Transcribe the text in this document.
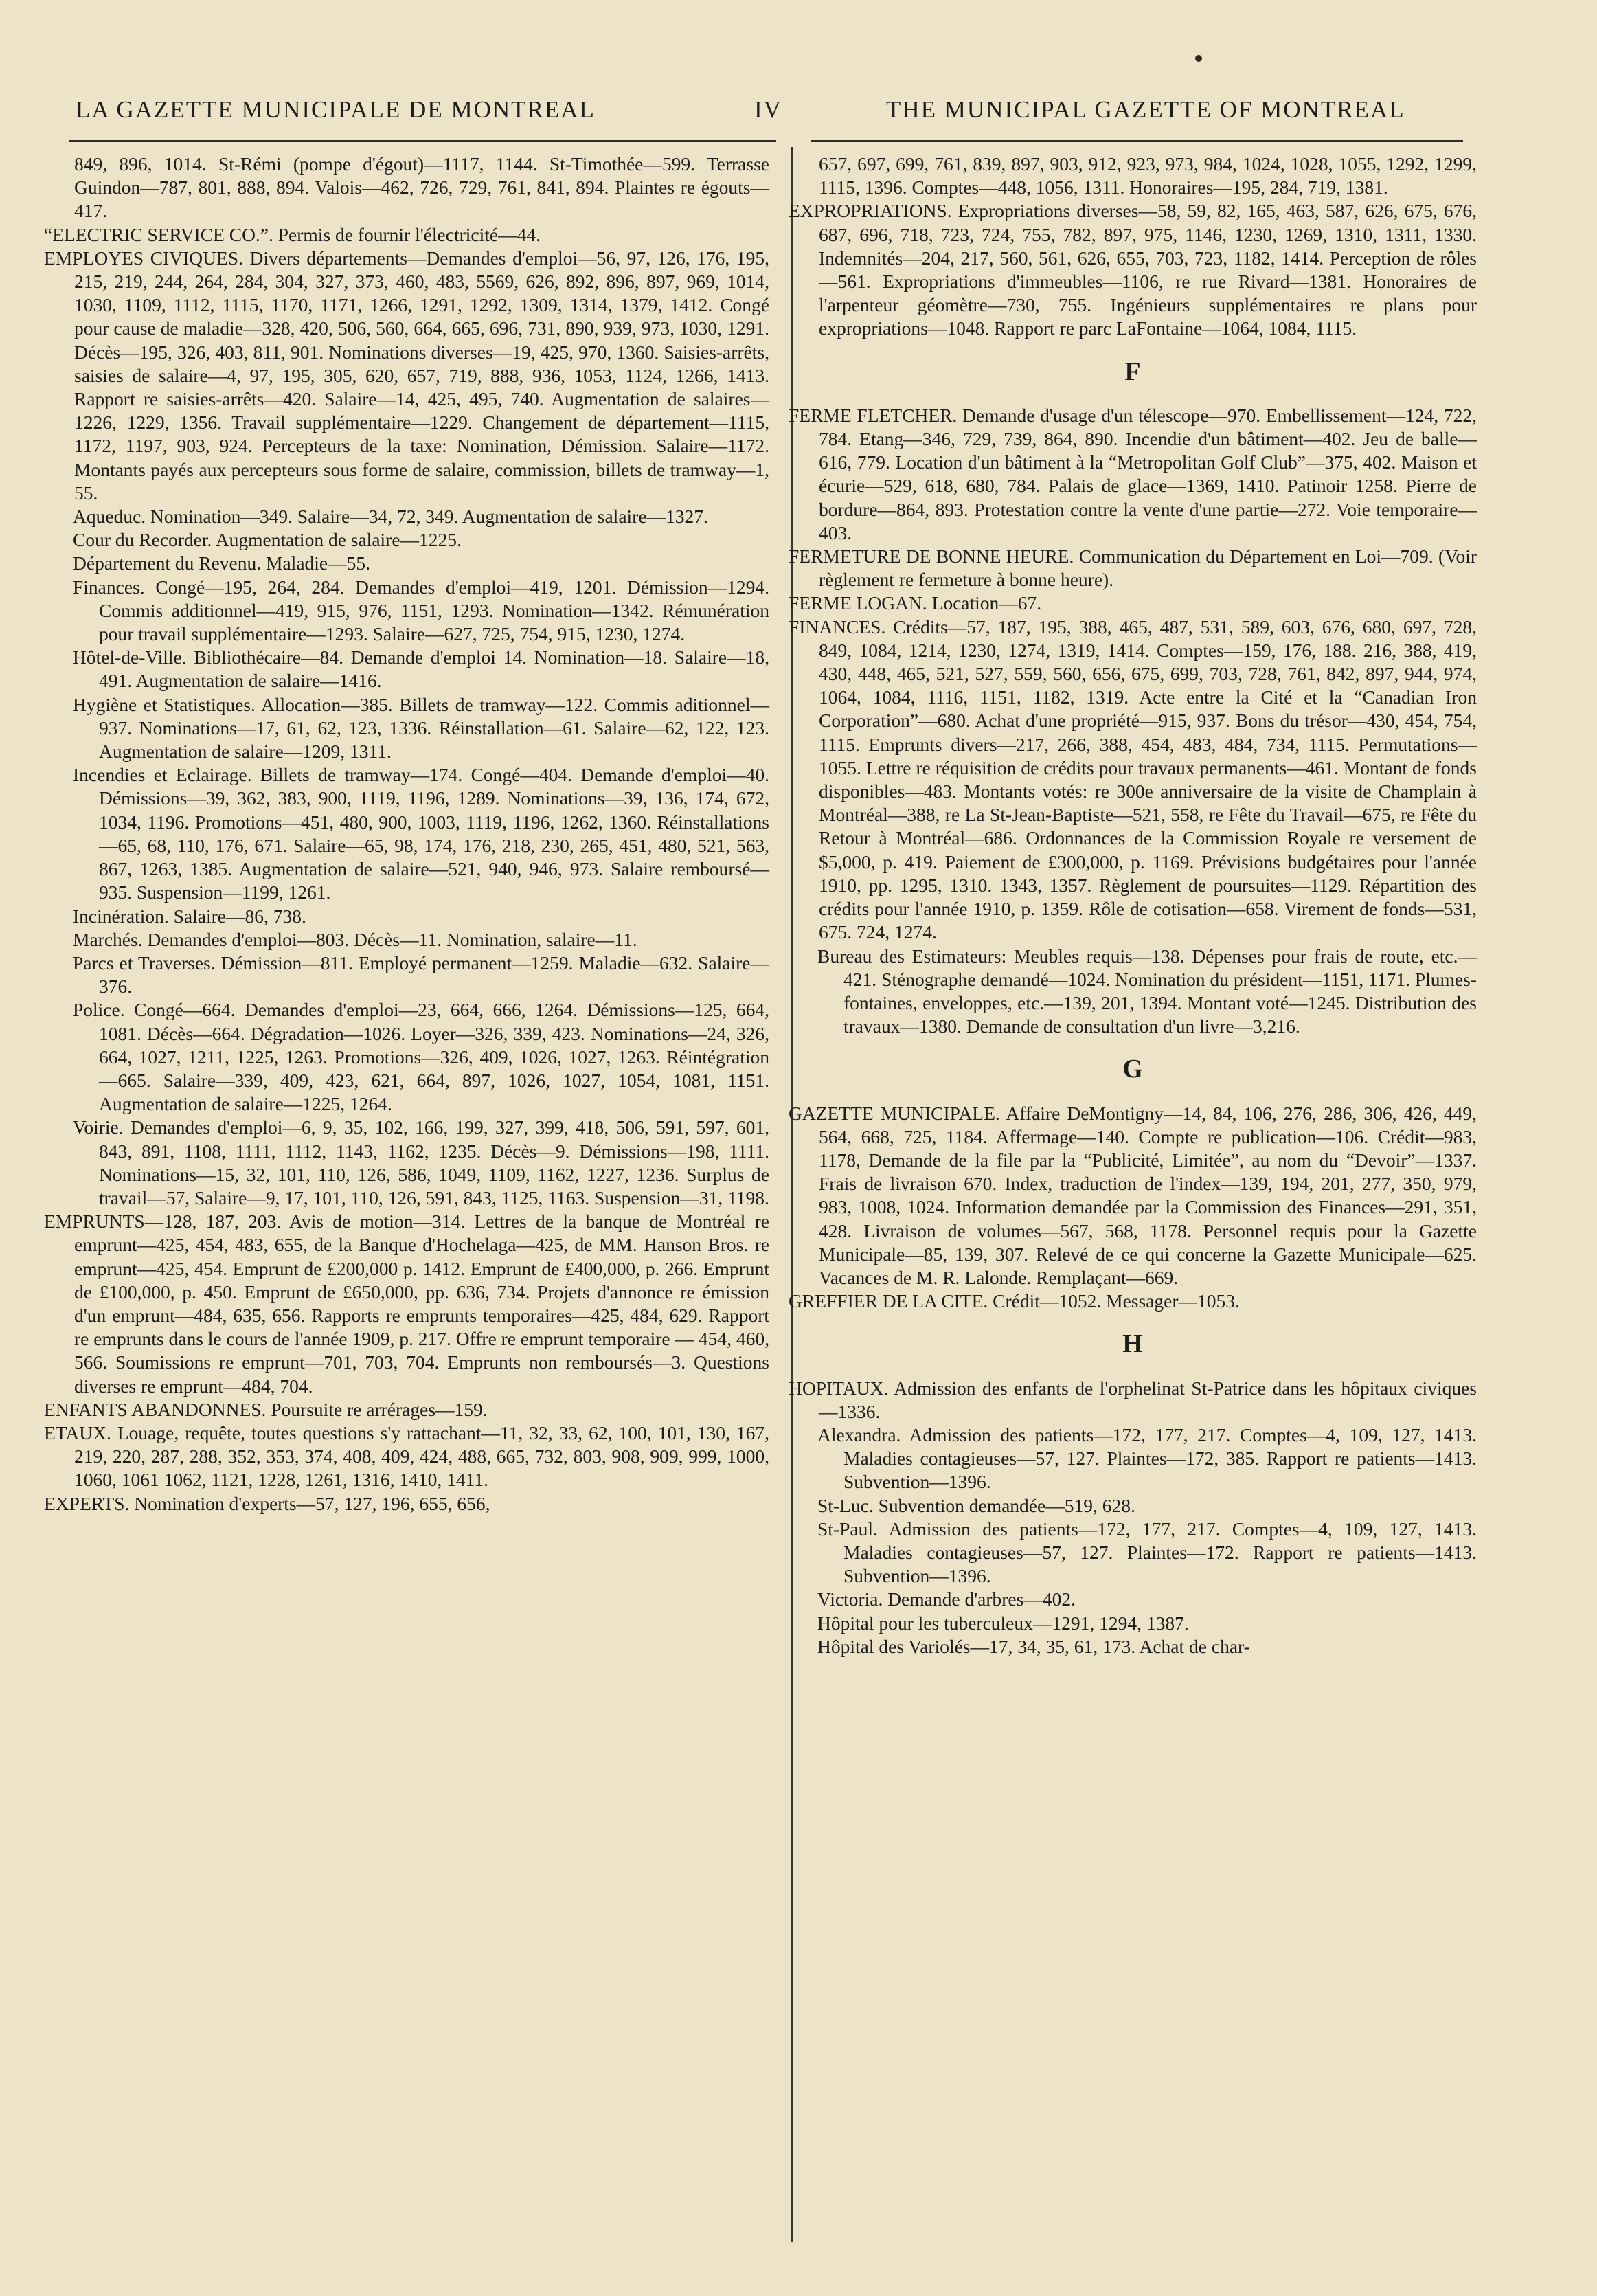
LA GAZETTE MUNICIPALE DE MONTREAL	IV	THE MUNICIPAL GAZETTE OF MONTREAL

849, 896, 1014. St-Rémi (pompe d'égout)—1117, 1144. St-Timothée—599. Terrasse Guindon—787, 801, 888, 894. Valois—462, 726, 729, 761, 841, 894. Plaintes re égouts—417.

“ELECTRIC SERVICE CO.”. Permis de fournir l'électricité—44.

EMPLOYES CIVIQUES. Divers départements—Demandes d'emploi—56, 97, 126, 176, 195, 215, 219, 244, 264, 284, 304, 327, 373, 460, 483, 5569, 626, 892, 896, 897, 969, 1014, 1030, 1109, 1112, 1115, 1170, 1171, 1266, 1291, 1292, 1309, 1314, 1379, 1412. Congé pour cause de maladie—328, 420, 506, 560, 664, 665, 696, 731, 890, 939, 973, 1030, 1291. Décès—195, 326, 403, 811, 901. Nominations diverses—19, 425, 970, 1360. Saisies-arrêts, saisies de salaire—4, 97, 195, 305, 620, 657, 719, 888, 936, 1053, 1124, 1266, 1413. Rapport re saisies-arrêts—420. Salaire—14, 425, 495, 740. Augmentation de salaires—1226, 1229, 1356. Travail supplémentaire—1229. Changement de département—1115, 1172, 1197, 903, 924. Percepteurs de la taxe: Nomination, Démission. Salaire—1172. Montants payés aux percepteurs sous forme de salaire, commission, billets de tramway—1, 55.

Aqueduc. Nomination—349. Salaire—34, 72, 349. Augmentation de salaire—1327.

Cour du Recorder. Augmentation de salaire—1225.

Département du Revenu. Maladie—55.

Finances. Congé—195, 264, 284. Demandes d'emploi—419, 1201. Démission—1294. Commis additionnel—419, 915, 976, 1151, 1293. Nomination—1342. Rémunération pour travail supplémentaire—1293. Salaire—627, 725, 754, 915, 1230, 1274.

Hôtel-de-Ville. Bibliothécaire—84. Demande d'emploi 14. Nomination—18. Salaire—18, 491. Augmentation de salaire—1416.

Hygiène et Statistiques. Allocation—385. Billets de tramway—122. Commis aditionnel—937. Nominations—17, 61, 62, 123, 1336. Réinstallation—61. Salaire—62, 122, 123. Augmentation de salaire—1209, 1311.

Incendies et Eclairage. Billets de tramway—174. Congé—404. Demande d'emploi—40. Démissions—39, 362, 383, 900, 1119, 1196, 1289. Nominations—39, 136, 174, 672, 1034, 1196. Promotions—451, 480, 900, 1003, 1119, 1196, 1262, 1360. Réinstallations—65, 68, 110, 176, 671. Salaire—65, 98, 174, 176, 218, 230, 265, 451, 480, 521, 563, 867, 1263, 1385. Augmentation de salaire—521, 940, 946, 973. Salaire remboursé—935. Suspension—1199, 1261.

Incinération. Salaire—86, 738.

Marchés. Demandes d'emploi—803. Décès—11. Nomination, salaire—11.

Parcs et Traverses. Démission—811. Employé permanent—1259. Maladie—632. Salaire—376.

Police. Congé—664. Demandes d'emploi—23, 664, 666, 1264. Démissions—125, 664, 1081. Décès—664. Dégradation—1026. Loyer—326, 339, 423. Nominations—24, 326, 664, 1027, 1211, 1225, 1263. Promotions—326, 409, 1026, 1027, 1263. Réintégration—665. Salaire—339, 409, 423, 621, 664, 897, 1026, 1027, 1054, 1081, 1151. Augmentation de salaire—1225, 1264.

Voirie. Demandes d'emploi—6, 9, 35, 102, 166, 199, 327, 399, 418, 506, 591, 597, 601, 843, 891, 1108, 1111, 1112, 1143, 1162, 1235. Décès—9. Démissions—198, 1111. Nominations—15, 32, 101, 110, 126, 586, 1049, 1109, 1162, 1227, 1236. Surplus de travail—57, Salaire—9, 17, 101, 110, 126, 591, 843, 1125, 1163. Suspension—31, 1198.

EMPRUNTS—128, 187, 203. Avis de motion—314. Lettres de la banque de Montréal re emprunt—425, 454, 483, 655, de la Banque d'Hochelaga—425, de MM. Hanson Bros. re emprunt—425, 454. Emprunt de £200,000 p. 1412. Emprunt de £400,000, p. 266. Emprunt de £100,000, p. 450. Emprunt de £650,000, pp. 636, 734. Projets d'annonce re émission d'un emprunt—484, 635, 656. Rapports re emprunts temporaires—425, 484, 629. Rapport re emprunts dans le cours de l'année 1909, p. 217. Offre re emprunt temporaire — 454, 460, 566. Soumissions re emprunt—701, 703, 704. Emprunts non remboursés—3. Questions diverses re emprunt—484, 704.

ENFANTS ABANDONNES. Poursuite re arrérages—159.

ETAUX. Louage, requête, toutes questions s'y rattachant—11, 32, 33, 62, 100, 101, 130, 167, 219, 220, 287, 288, 352, 353, 374, 408, 409, 424, 488, 665, 732, 803, 908, 909, 999, 1000, 1060, 1061 1062, 1121, 1228, 1261, 1316, 1410, 1411.

EXPERTS. Nomination d'experts—57, 127, 196, 655, 656,

657, 697, 699, 761, 839, 897, 903, 912, 923, 973, 984, 1024, 1028, 1055, 1292, 1299, 1115, 1396. Comptes—448, 1056, 1311. Honoraires—195, 284, 719, 1381.

EXPROPRIATIONS. Expropriations diverses—58, 59, 82, 165, 463, 587, 626, 675, 676, 687, 696, 718, 723, 724, 755, 782, 897, 975, 1146, 1230, 1269, 1310, 1311, 1330. Indemnités—204, 217, 560, 561, 626, 655, 703, 723, 1182, 1414. Perception de rôles—561. Expropriations d'immeubles—1106, re rue Rivard—1381. Honoraires de l'arpenteur géomètre—730, 755. Ingénieurs supplémentaires re plans pour expropriations—1048. Rapport re parc LaFontaine—1064, 1084, 1115.

F

FERME FLETCHER. Demande d'usage d'un télescope—970. Embellissement—124, 722, 784. Etang—346, 729, 739, 864, 890. Incendie d'un bâtiment—402. Jeu de balle—616, 779. Location d'un bâtiment à la “Metropolitan Golf Club”—375, 402. Maison et écurie—529, 618, 680, 784. Palais de glace—1369, 1410. Patinoir 1258. Pierre de bordure—864, 893. Protestation contre la vente d'une partie—272. Voie temporaire—403.

FERMETURE DE BONNE HEURE. Communication du Département en Loi—709. (Voir règlement re fermeture à bonne heure).

FERME LOGAN. Location—67.

FINANCES. Crédits—57, 187, 195, 388, 465, 487, 531, 589, 603, 676, 680, 697, 728, 849, 1084, 1214, 1230, 1274, 1319, 1414. Comptes—159, 176, 188. 216, 388, 419, 430, 448, 465, 521, 527, 559, 560, 656, 675, 699, 703, 728, 761, 842, 897, 944, 974, 1064, 1084, 1116, 1151, 1182, 1319. Acte entre la Cité et la “Canadian Iron Corporation”—680. Achat d'une propriété—915, 937. Bons du trésor—430, 454, 754, 1115. Emprunts divers—217, 266, 388, 454, 483, 484, 734, 1115. Permutations—1055. Lettre re réquisition de crédits pour travaux permanents—461. Montant de fonds disponibles—483. Montants votés: re 300e anniversaire de la visite de Champlain à Montréal—388, re La St-Jean-Baptiste—521, 558, re Fête du Travail—675, re Fête du Retour à Montréal—686. Ordonnances de la Commission Royale re versement de $5,000, p. 419. Paiement de £300,000, p. 1169. Prévisions budgétaires pour l'année 1910, pp. 1295, 1310. 1343, 1357. Règlement de poursuites—1129. Répartition des crédits pour l'année 1910, p. 1359. Rôle de cotisation—658. Virement de fonds—531, 675. 724, 1274.

Bureau des Estimateurs: Meubles requis—138. Dépenses pour frais de route, etc.—421. Sténographe demandé—1024. Nomination du président—1151, 1171. Plumes-fontaines, enveloppes, etc.—139, 201, 1394. Montant voté—1245. Distribution des travaux—1380. Demande de consultation d'un livre—3,216.

G

GAZETTE MUNICIPALE. Affaire DeMontigny—14, 84, 106, 276, 286, 306, 426, 449, 564, 668, 725, 1184. Affermage—140. Compte re publication—106. Crédit—983, 1178, Demande de la file par la “Publicité, Limitée”, au nom du “Devoir”—1337. Frais de livraison 670. Index, traduction de l'index—139, 194, 201, 277, 350, 979, 983, 1008, 1024. Information demandée par la Commission des Finances—291, 351, 428. Livraison de volumes—567, 568, 1178. Personnel requis pour la Gazette Municipale—85, 139, 307. Relevé de ce qui concerne la Gazette Municipale—625. Vacances de M. R. Lalonde. Remplaçant—669.

GREFFIER DE LA CITE. Crédit—1052. Messager—1053.

H

HOPITAUX. Admission des enfants de l'orphelinat St-Patrice dans les hôpitaux civiques—1336.

Alexandra. Admission des patients—172, 177, 217. Comptes—4, 109, 127, 1413. Maladies contagieuses—57, 127. Plaintes—172, 385. Rapport re patients—1413. Subvention—1396.

St-Luc. Subvention demandée—519, 628.

St-Paul. Admission des patients—172, 177, 217. Comptes—4, 109, 127, 1413. Maladies contagieuses—57, 127. Plaintes—172. Rapport re patients—1413. Subvention—1396.

Victoria. Demande d'arbres—402.

Hôpital pour les tuberculeux—1291, 1294, 1387.

Hôpital des Variolés—17, 34, 35, 61, 173. Achat de char-
